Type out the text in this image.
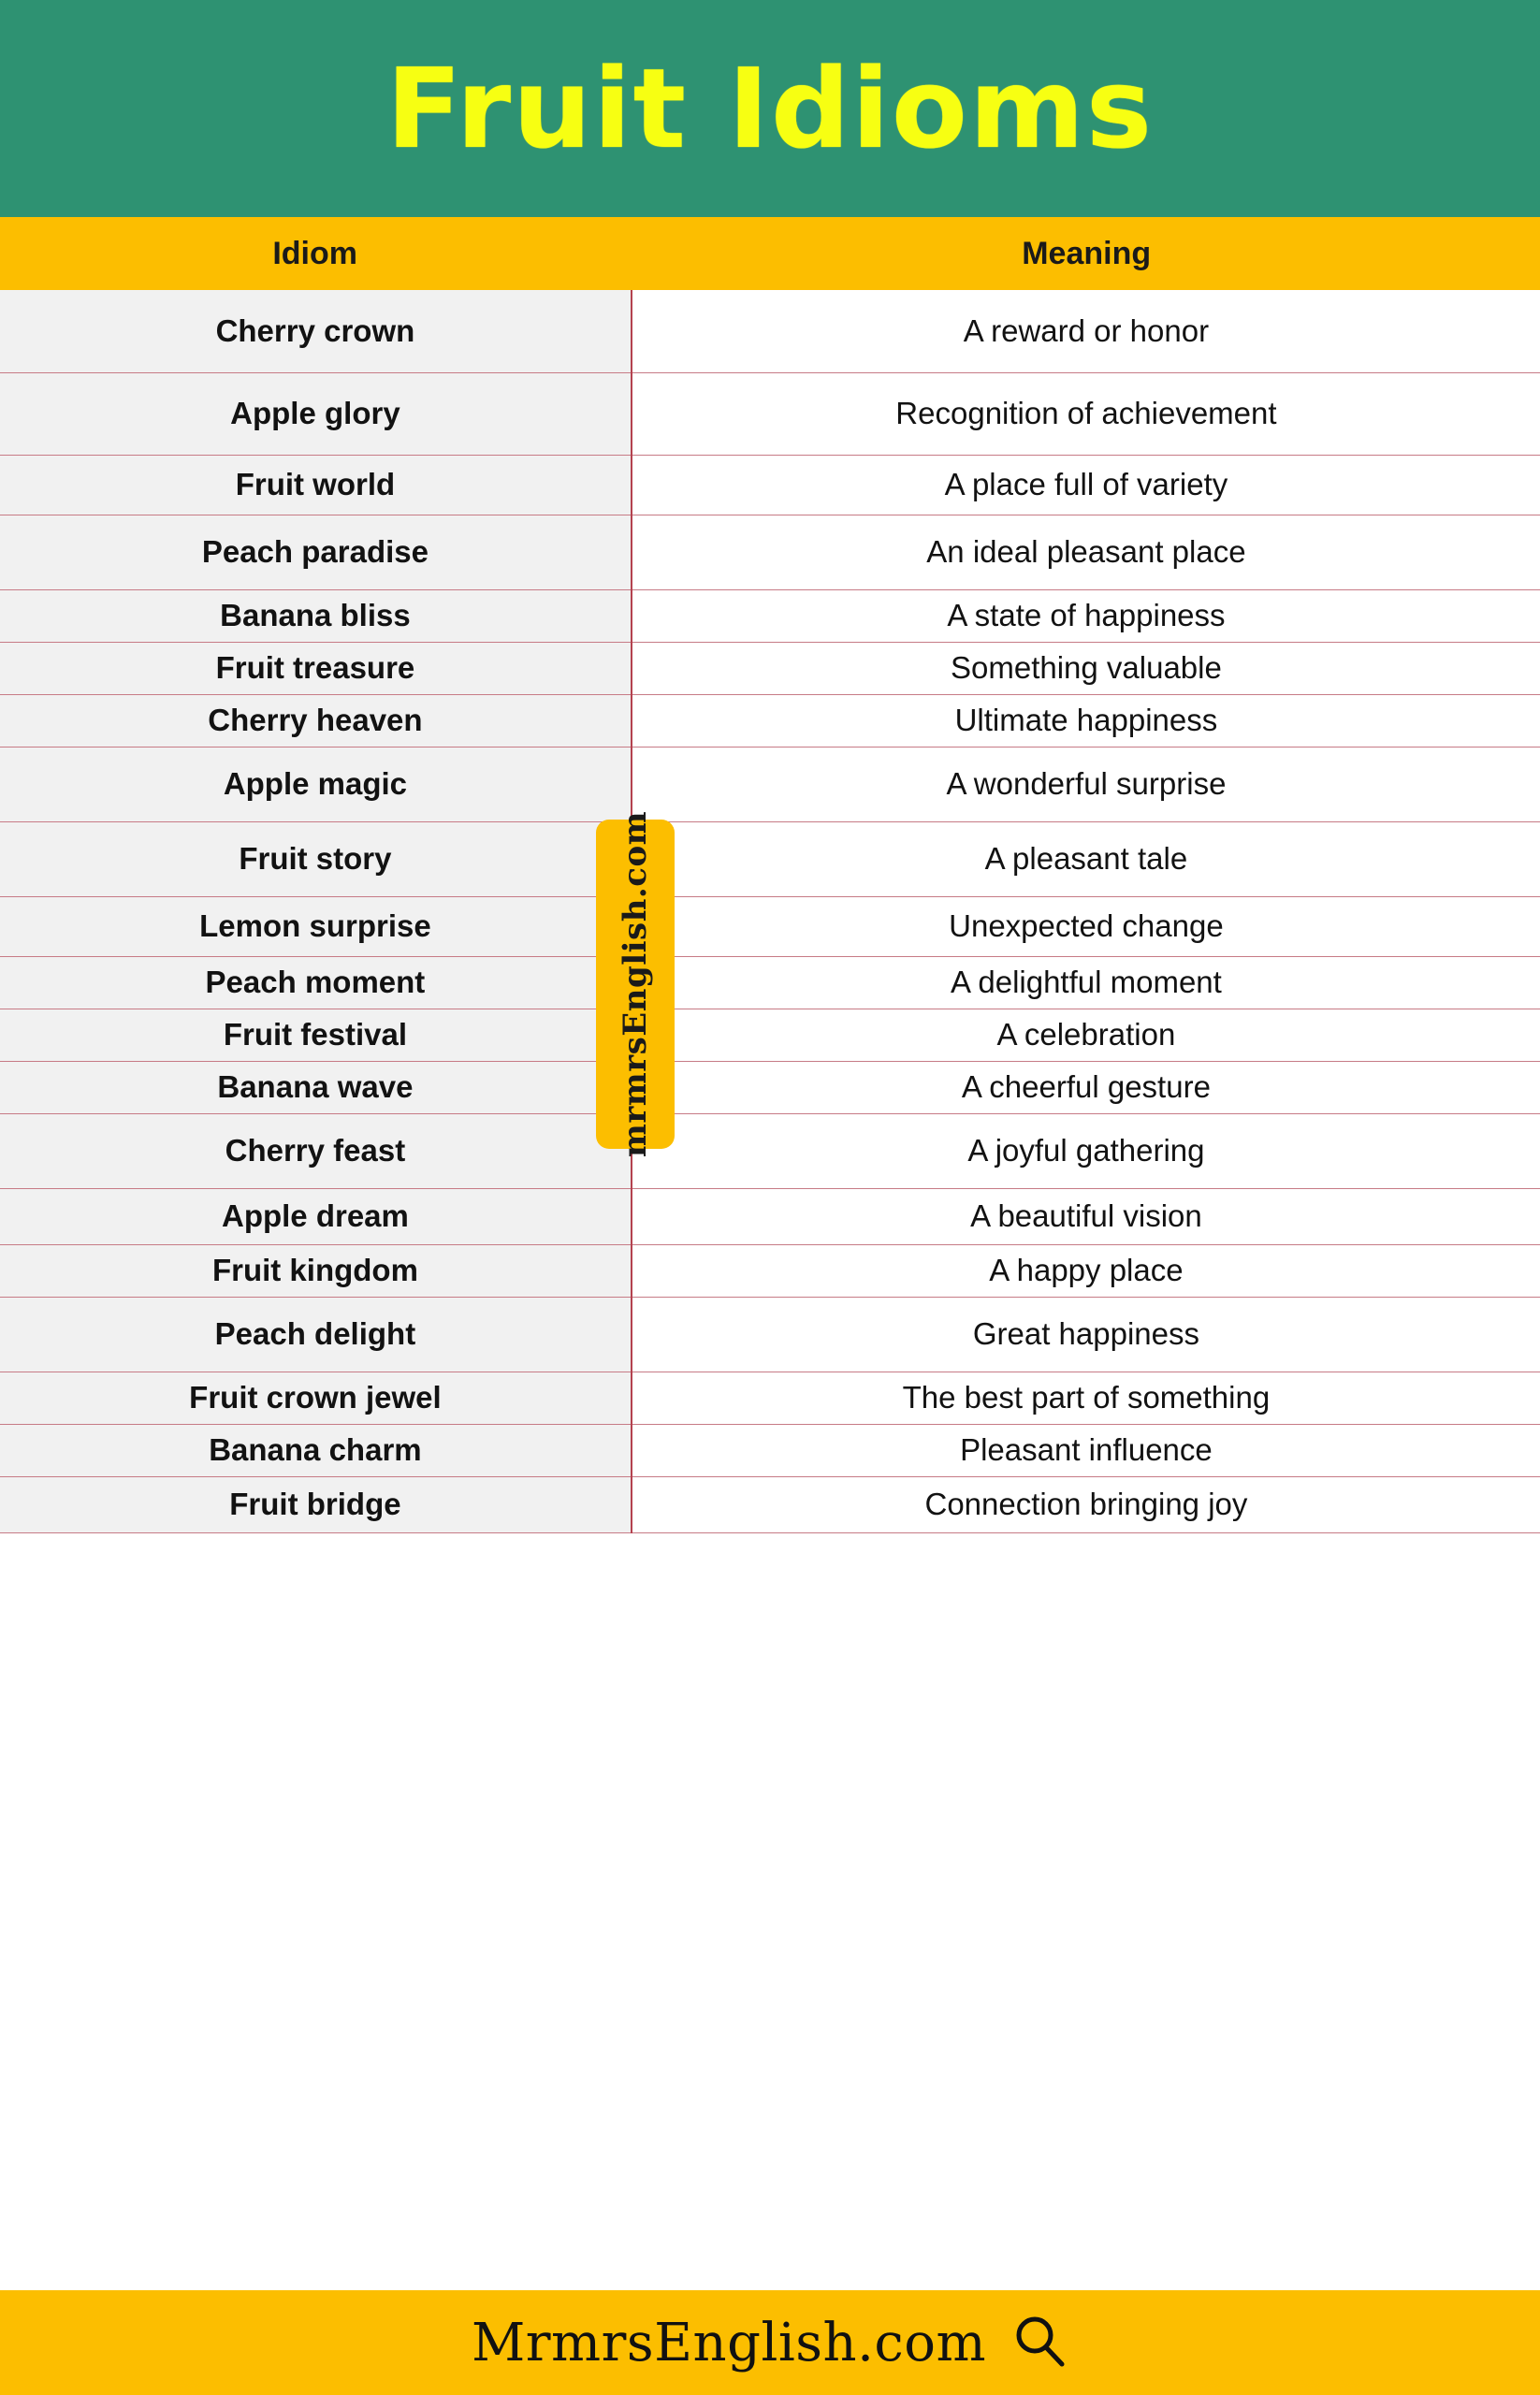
Fruit Idioms
Idiom	Meaning
Cherry crown	A reward or honor
Apple glory	Recognition of achievement
Fruit world	A place full of variety
Peach paradise	An ideal pleasant place
Banana bliss	A state of happiness
Fruit treasure	Something valuable
Cherry heaven	Ultimate happiness
Apple magic	A wonderful surprise
Fruit story	A pleasant tale
Lemon surprise	Unexpected change
Peach moment	A delightful moment
Fruit festival	A celebration
Banana wave	A cheerful gesture
Cherry feast	A joyful gathering
Apple dream	A beautiful vision
Fruit kingdom	A happy place
Peach delight	Great happiness
Fruit crown jewel	The best part of something
Banana charm	Pleasant influence
Fruit bridge	Connection bringing joy
mrmrsEnglish.com
MrmrsEnglish.com
